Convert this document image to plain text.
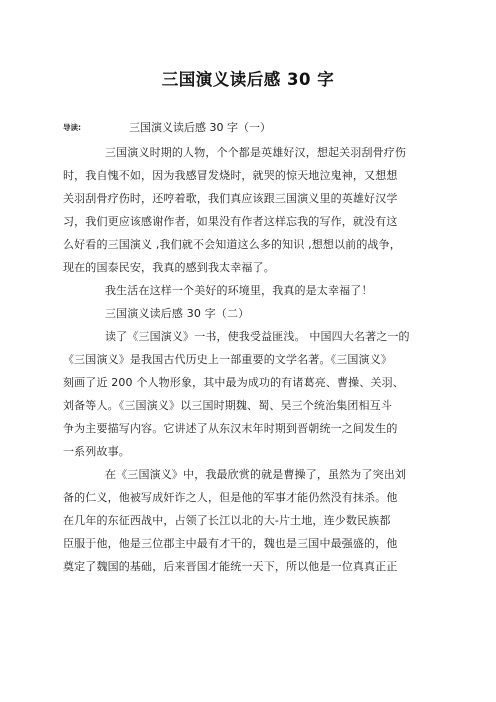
三国演义读后感 30 字
导读:	三国演义读后感 30 字（一）
三国演义时期的人物，个个都是英雄好汉，想起关羽刮骨疗伤
时，我自愧不如，因为我感冒发烧时，就哭的惊天地泣鬼神，又想想
关羽刮骨疗伤时，还哼着歌，我们真应该跟三国演义里的英雄好汉学
习，我们更应该感谢作者，如果没有作者这样忘我的写作，就没有这
么好看的三国演义 ,我们就不会知道这么多的知识 ,想想以前的战争，
现在的国泰民安，我真的感到我太幸福了。
我生活在这样一个美好的环境里，我真的是太幸福了！
三国演义读后感 30 字（二）
读了《三国演义》一书，使我受益匪浅。 中国四大名著之一的
《三国演义》是我国古代历史上一部重要的文学名著。《三国演义》
刻画了近 200 个人物形象，其中最为成功的有诸葛亮、曹操、关羽、
刘备等人。《三国演义》以三国时期魏、蜀、吴三个统治集团相互斗
争为主要描写内容。它讲述了从东汉末年时期到晋朝统一之间发生的
一系列故事。
在《三国演义》中，我最欣赏的就是曹操了，虽然为了突出刘
备的仁义，他被写成奸诈之人，但是他的军事才能仍然没有抹杀。他
在几年的东征西战中，占领了长江以北的大-片土地，连少数民族都
臣服于他，他是三位郡主中最有才干的，魏也是三国中最强盛的，他
奠定了魏国的基础，后来晋国才能统一天下，所以他是一位真真正正
